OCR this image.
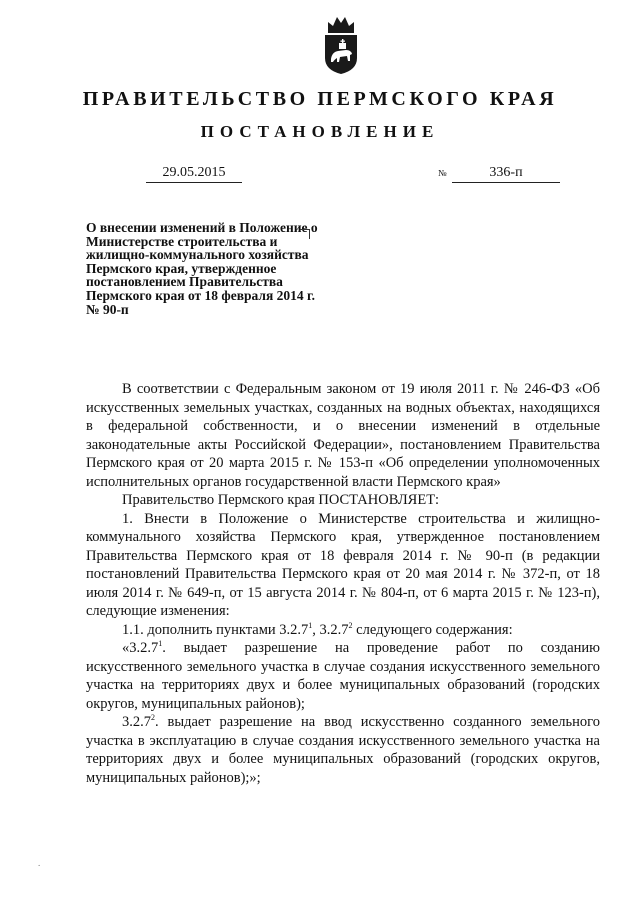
ПРАВИТЕЛЬСТВО ПЕРМСКОГО КРАЯ
ПОСТАНОВЛЕНИЕ
29.05.2015	№	336-п
О внесении изменений в Положение о Министерстве строительства и жилищно-коммунального хозяйства Пермского края, утвержденное постановлением Правительства Пермского края от 18 февраля 2014 г. № 90-п

В соответствии с Федеральным законом от 19 июля 2011 г. № 246-ФЗ «Об искусственных земельных участках, созданных на водных объектах, находящихся в федеральной собственности, и о внесении изменений в отдельные законодательные акты Российской Федерации», постановлением Правительства Пермского края от 20 марта 2015 г. № 153-п «Об определении уполномоченных исполнительных органов государственной власти Пермского края»

Правительство Пермского края ПОСТАНОВЛЯЕТ:

1. Внести в Положение о Министерстве строительства и жилищно-коммунального хозяйства Пермского края, утвержденное постановлением Правительства Пермского края от 18 февраля 2014 г. № 90-п (в редакции постановлений Правительства Пермского края от 20 мая 2014 г. № 372-п, от 18 июля 2014 г. № 649-п, от 15 августа 2014 г. № 804-п, от 6 марта 2015 г. № 123-п), следующие изменения:

1.1. дополнить пунктами 3.2.7$^1$, 3.2.7$^2$ следующего содержания:

«3.2.7$^1$. выдает разрешение на проведение работ по созданию искусственного земельного участка в случае создания искусственного земельного участка на территориях двух и более муниципальных образований (городских округов, муниципальных районов);

3.2.7$^2$. выдает разрешение на ввод искусственно созданного земельного участка в эксплуатацию в случае создания искусственного земельного участка на территориях двух и более муниципальных образований (городских округов, муниципальных районов);»;

.
